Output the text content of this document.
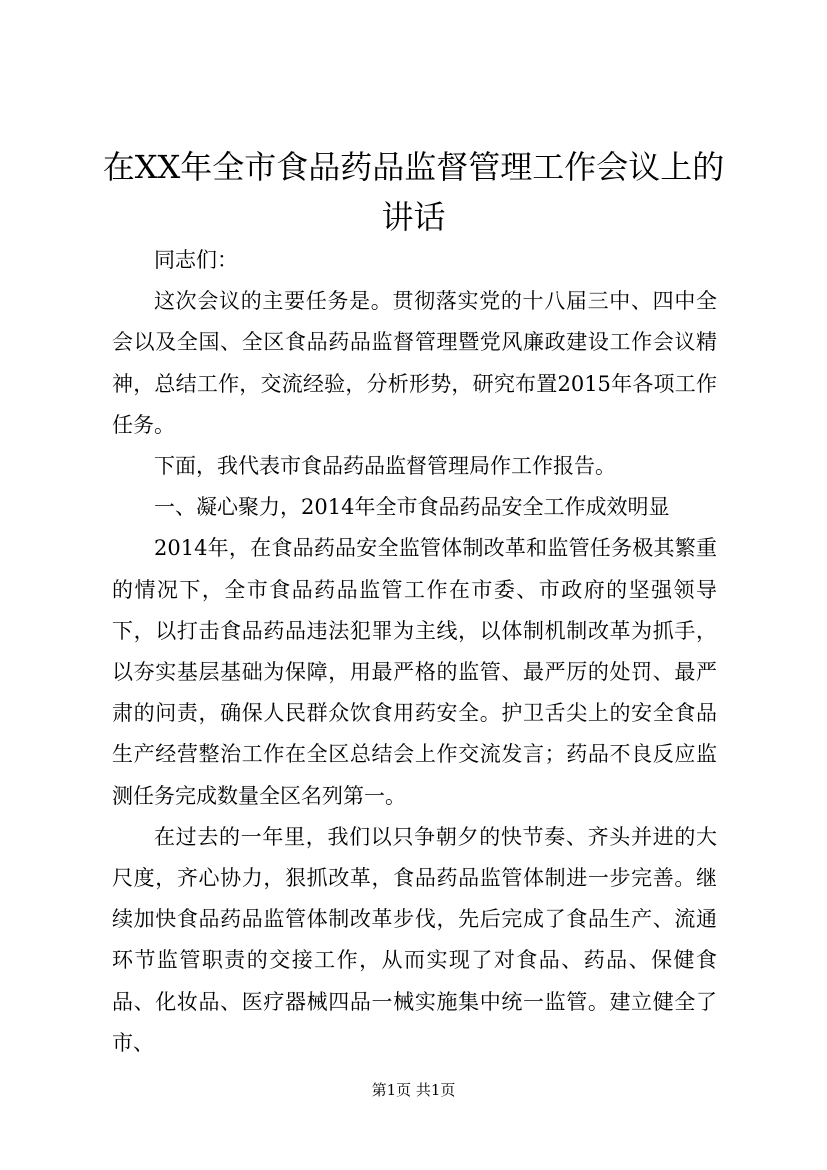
在XX年全市食品药品监督管理工作会议上的
讲话

同志们：

这次会议的主要任务是。贯彻落实党的十八届三中、四中全会以及全国、全区食品药品监督管理暨党风廉政建设工作会议精神，总结工作，交流经验，分析形势，研究布置2015年各项工作任务。

下面，我代表市食品药品监督管理局作工作报告。

一、凝心聚力，2014年全市食品药品安全工作成效明显

2014年，在食品药品安全监管体制改革和监管任务极其繁重的情况下，全市食品药品监管工作在市委、市政府的坚强领导下，以打击食品药品违法犯罪为主线，以体制机制改革为抓手，以夯实基层基础为保障，用最严格的监管、最严厉的处罚、最严肃的问责，确保人民群众饮食用药安全。护卫舌尖上的安全食品生产经营整治工作在全区总结会上作交流发言；药品不良反应监测任务完成数量全区名列第一。

在过去的一年里，我们以只争朝夕的快节奏、齐头并进的大尺度，齐心协力，狠抓改革，食品药品监管体制进一步完善。继续加快食品药品监管体制改革步伐，先后完成了食品生产、流通环节监管职责的交接工作，从而实现了对食品、药品、保健食品、化妆品、医疗器械四品一械实施集中统一监管。建立健全了市、

第1页 共1页
